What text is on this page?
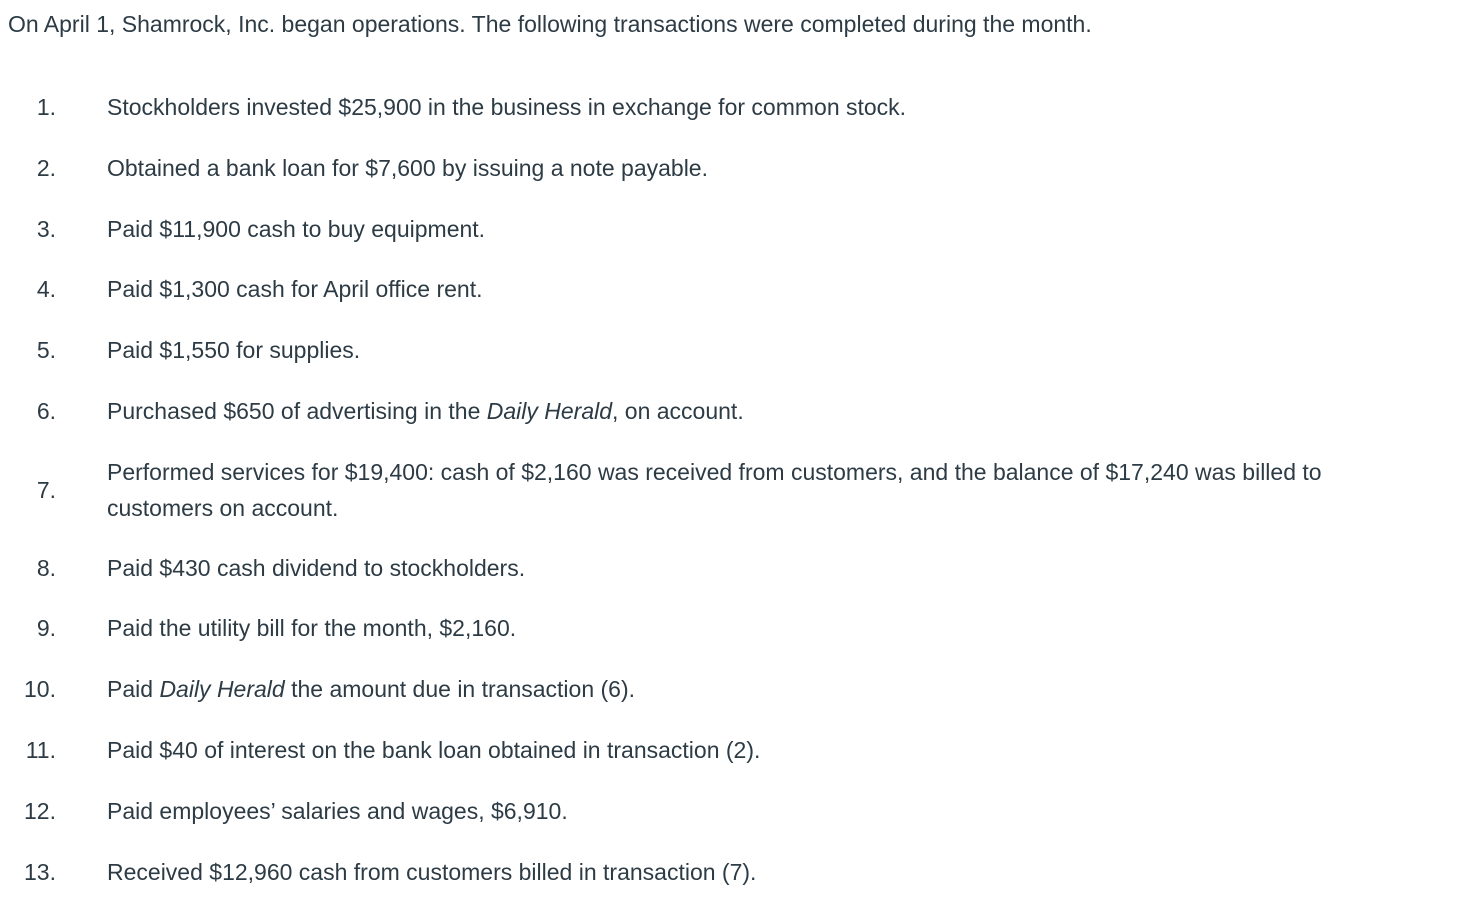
On April 1, Shamrock, Inc. began operations. The following transactions were completed during the month.
1. Stockholders invested $25,900 in the business in exchange for common stock.
2. Obtained a bank loan for $7,600 by issuing a note payable.
3. Paid $11,900 cash to buy equipment.
4. Paid $1,300 cash for April office rent.
5. Paid $1,550 for supplies.
6. Purchased $650 of advertising in the Daily Herald, on account.
7.
Performed services for $19,400: cash of $2,160 was received from customers, and the balance of $17,240 was billed to
customers on account.
8. Paid $430 cash dividend to stockholders.
9. Paid the utility bill for the month, $2,160.
10. Paid Daily Herald the amount due in transaction (6).
11. Paid $40 of interest on the bank loan obtained in transaction (2).
12. Paid employees’ salaries and wages, $6,910.
13. Received $12,960 cash from customers billed in transaction (7).
